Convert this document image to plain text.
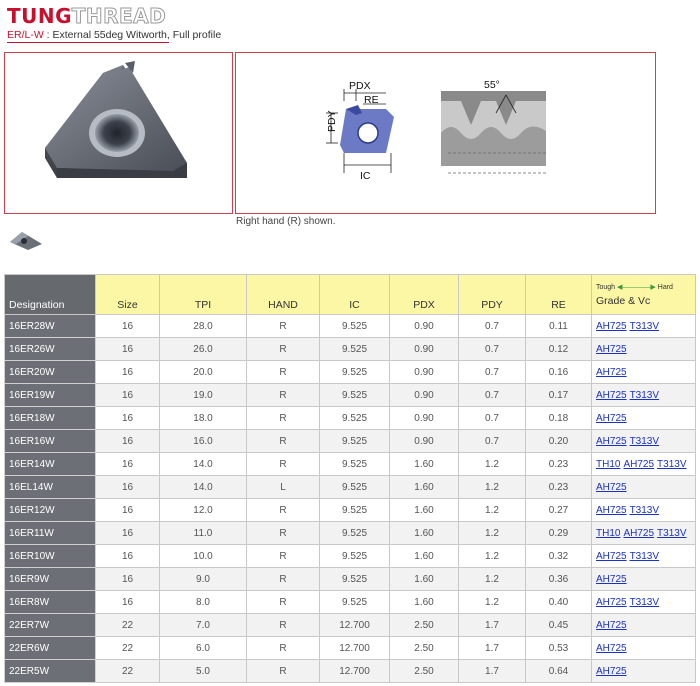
TUNGTHREAD
ER/L-W : External 55deg Witworth, Full profile
PDX
RE
PDY
IC
55°
Right hand (R) shown.
Designation	Size	TPI	HAND	IC	PDX	PDY	RE	Tough ◀————▶ Hard
Grade & Vc
16ER28W	16	28.0	R	9.525	0.90	0.7	0.11	AH725 T313V
16ER26W	16	26.0	R	9.525	0.90	0.7	0.12	AH725
16ER20W	16	20.0	R	9.525	0.90	0.7	0.16	AH725
16ER19W	16	19.0	R	9.525	0.90	0.7	0.17	AH725 T313V
16ER18W	16	18.0	R	9.525	0.90	0.7	0.18	AH725
16ER16W	16	16.0	R	9.525	0.90	0.7	0.20	AH725 T313V
16ER14W	16	14.0	R	9.525	1.60	1.2	0.23	TH10 AH725 T313V
16EL14W	16	14.0	L	9.525	1.60	1.2	0.23	AH725
16ER12W	16	12.0	R	9.525	1.60	1.2	0.27	AH725 T313V
16ER11W	16	11.0	R	9.525	1.60	1.2	0.29	TH10 AH725 T313V
16ER10W	16	10.0	R	9.525	1.60	1.2	0.32	AH725 T313V
16ER9W	16	9.0	R	9.525	1.60	1.2	0.36	AH725
16ER8W	16	8.0	R	9.525	1.60	1.2	0.40	AH725 T313V
22ER7W	22	7.0	R	12.700	2.50	1.7	0.45	AH725
22ER6W	22	6.0	R	12.700	2.50	1.7	0.53	AH725
22ER5W	22	5.0	R	12.700	2.50	1.7	0.64	AH725
